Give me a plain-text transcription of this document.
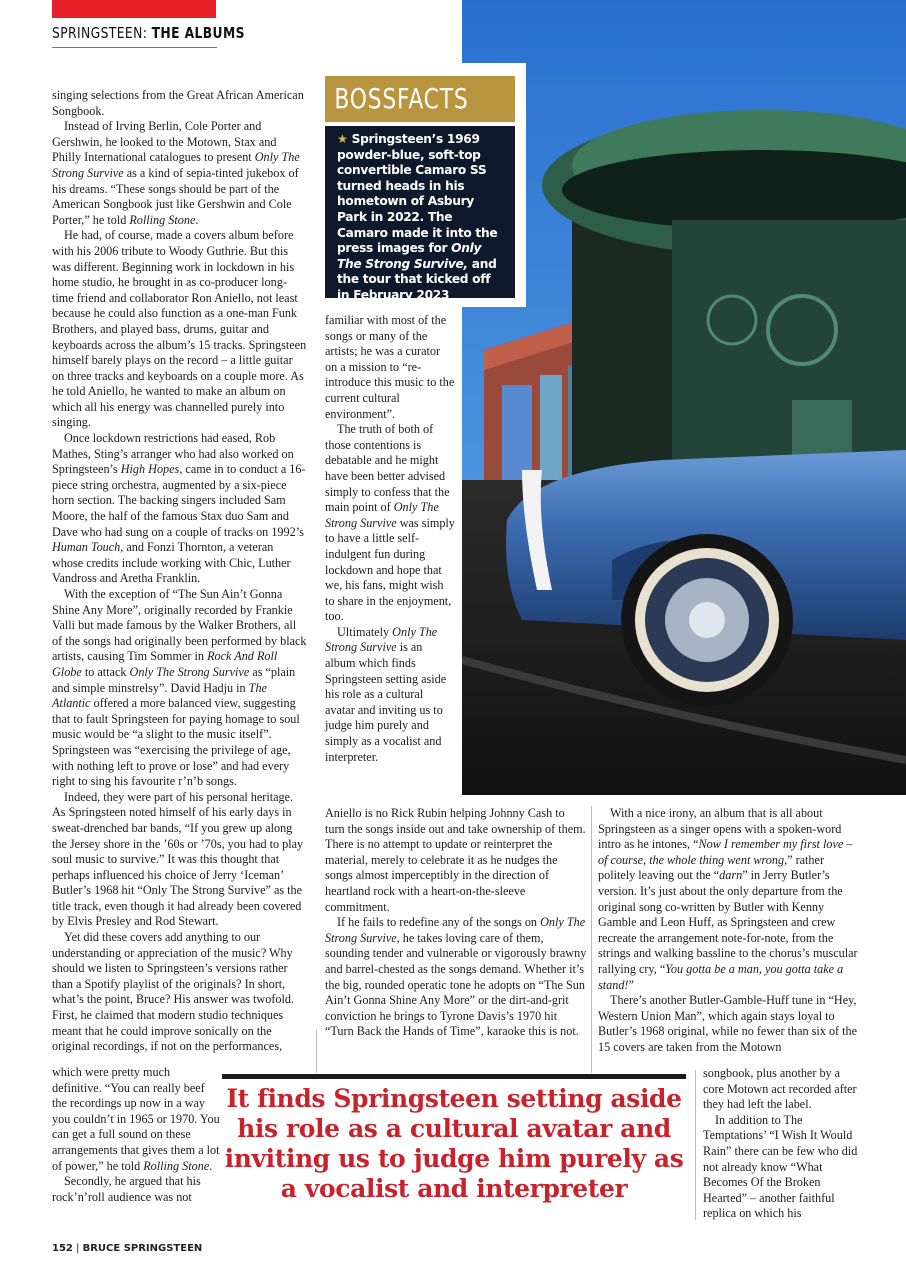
SPRINGSTEEN: THE ALBUMS
BOSSFACTS
★ Springsteen’s 1969 powder-blue, soft-top convertible Camaro SS turned heads in his hometown of Asbury Park in 2022. The Camaro made it into the press images for Only The Strong Survive, and the tour that kicked off in February 2023

singing selections from the Great African American Songbook.

Instead of Irving Berlin, Cole Porter and Gershwin, he looked to the Motown, Stax and Philly International catalogues to present Only The Strong Survive as a kind of sepia-tinted jukebox of his dreams. “These songs should be part of the American Songbook just like Gershwin and Cole Porter,” he told Rolling Stone.

He had, of course, made a covers album before with his 2006 tribute to Woody Guthrie. But this was different. Beginning work in lockdown in his home studio, he brought in as co-producer long-time friend and collaborator Ron Aniello, not least because he could also function as a one-man Funk Brothers, and played bass, drums, guitar and keyboards across the album’s 15 tracks. Springsteen himself barely plays on the record – a little guitar on three tracks and keyboards on a couple more. As he told Aniello, he wanted to make an album on which all his energy was channelled purely into singing.

Once lockdown restrictions had eased, Rob Mathes, Sting’s arranger who had also worked on Springsteen’s High Hopes, came in to conduct a 16-piece string orchestra, augmented by a six-piece horn section. The backing singers included Sam Moore, the half of the famous Stax duo Sam and Dave who had sung on a couple of tracks on 1992’s Human Touch, and Fonzi Thornton, a veteran whose credits include working with Chic, Luther Vandross and Aretha Franklin.

With the exception of “The Sun Ain’t Gonna Shine Any More”, originally recorded by Frankie Valli but made famous by the Walker Brothers, all of the songs had originally been performed by black artists, causing Tim Sommer in Rock And Roll Globe to attack Only The Strong Survive as “plain and simple minstrelsy”. David Hadju in The Atlantic offered a more balanced view, suggesting that to fault Springsteen for paying homage to soul music would be “a slight to the music itself”. Springsteen was “exercising the privilege of age, with nothing left to prove or lose” and had every right to sing his favourite r’n’b songs.

Indeed, they were part of his personal heritage. As Springsteen noted himself of his early days in sweat-drenched bar bands, “If you grew up along the Jersey shore in the ’60s or ’70s, you had to play soul music to survive.” It was this thought that perhaps influenced his choice of Jerry ‘Iceman’ Butler’s 1968 hit “Only The Strong Survive” as the title track, even though it had already been covered by Elvis Presley and Rod Stewart.

Yet did these covers add anything to our understanding or appreciation of the music? Why should we listen to Springsteen’s versions rather than a Spotify playlist of the originals? In short, what’s the point, Bruce? His answer was twofold. First, he claimed that modern studio techniques meant that he could improve sonically on the original recordings, if not on the performances,

which were pretty much definitive. “You can really beef the recordings up now in a way you couldn’t in 1965 or 1970. You can get a full sound on these arrangements that gives them a lot of power,” he told Rolling Stone.

Secondly, he argued that his rock’n’roll audience was not

familiar with most of the songs or many of the artists; he was a curator on a mission to “re-introduce this music to the current cultural environment”.

The truth of both of those contentions is debatable and he might have been better advised simply to confess that the main point of Only The Strong Survive was simply to have a little self-indulgent fun during lockdown and hope that we, his fans, might wish to share in the enjoyment, too.

Ultimately Only The Strong Survive is an album which finds Springsteen setting aside his role as a cultural avatar and inviting us to judge him purely and simply as a vocalist and interpreter.

Aniello is no Rick Rubin helping Johnny Cash to turn the songs inside out and take ownership of them. There is no attempt to update or reinterpret the material, merely to celebrate it as he nudges the songs almost imperceptibly in the direction of heartland rock with a heart-on-the-sleeve commitment.

If he fails to redefine any of the songs on Only The Strong Survive, he takes loving care of them, sounding tender and vulnerable or vigorously brawny and barrel-chested as the songs demand. Whether it’s the big, rounded operatic tone he adopts on “The Sun Ain’t Gonna Shine Any More” or the dirt-and-grit conviction he brings to Tyrone Davis’s 1970 hit “Turn Back the Hands of Time”, karaoke this is not.

With a nice irony, an album that is all about Springsteen as a singer opens with a spoken-word intro as he intones, “Now I remember my first love – of course, the whole thing went wrong,” rather politely leaving out the “darn” in Jerry Butler’s version. It’s just about the only departure from the original song co-written by Butler with Kenny Gamble and Leon Huff, as Springsteen and crew recreate the arrangement note-for-note, from the strings and walking bassline to the chorus’s muscular rallying cry, “You gotta be a man, you gotta take a stand!”

There’s another Butler-Gamble-Huff tune in “Hey, Western Union Man”, which again stays loyal to Butler’s 1968 original, while no fewer than six of the 15 covers are taken from the Motown

songbook, plus another by a core Motown act recorded after they had left the label.

In addition to The Temptations’ “I Wish It Would Rain” there can be few who did not already know “What Becomes Of the Broken Hearted” – another faithful replica on which his

It finds Springsteen setting aside his role as a cultural avatar and inviting us to judge him purely as a vocalist and interpreter
152 | BRUCE SPRINGSTEEN
